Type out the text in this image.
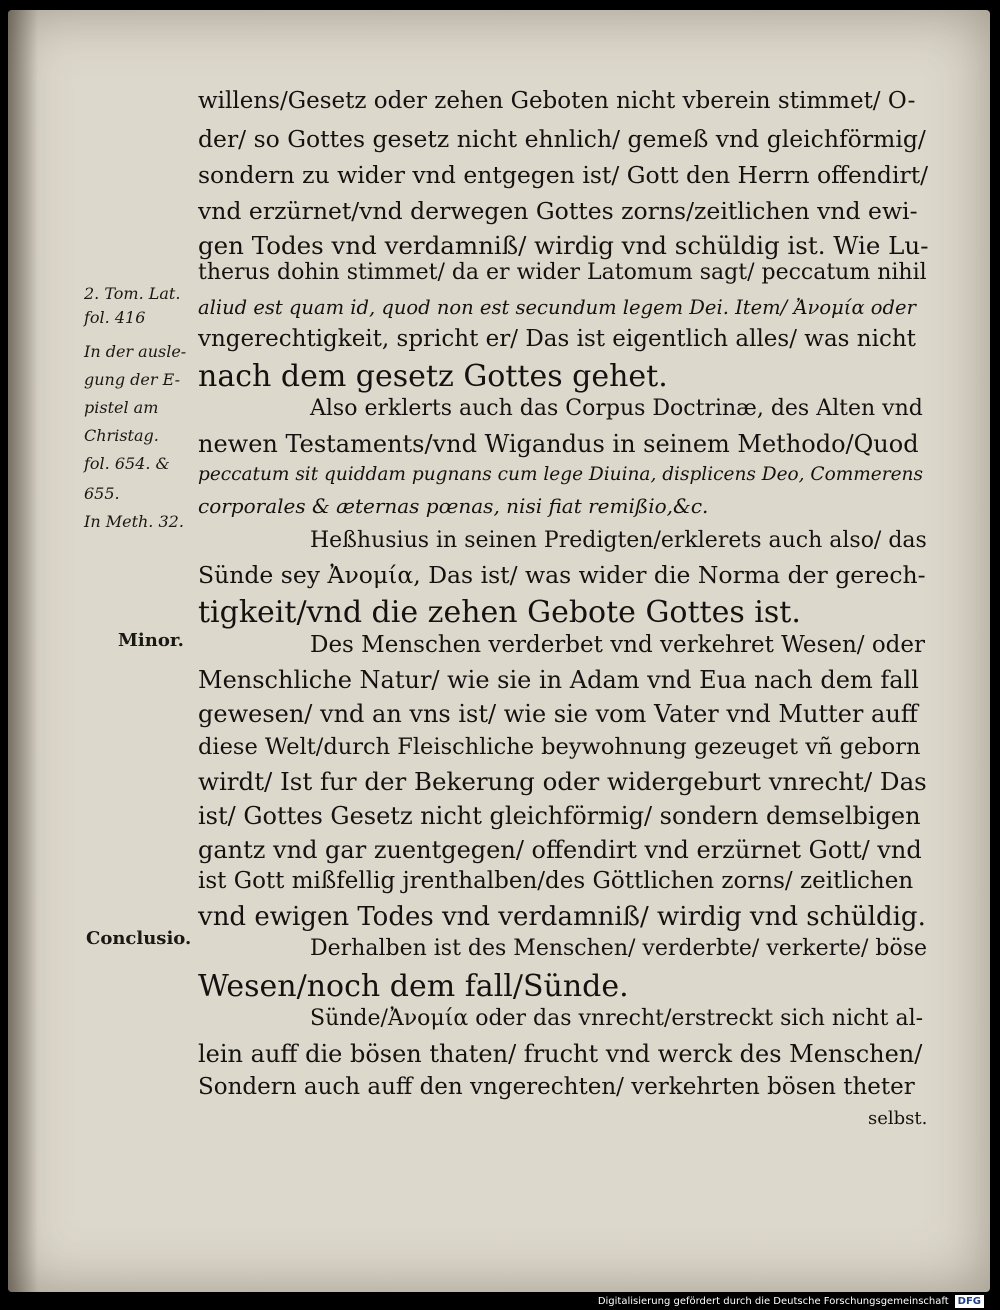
willens/Gesetz oder zehen Geboten nicht vberein stimmet/ O-
der/ so Gottes gesetz nicht ehnlich/ gemeß vnd gleichförmig/
sondern zu wider vnd entgegen ist/ Gott den Herrn offendirt/
vnd erzürnet/vnd derwegen Gottes zorns/zeitlichen vnd ewi-
gen Todes vnd verdamniß/ wirdig vnd schüldig ist. Wie Lu-
therus dohin stimmet/ da er wider Latomum sagt/ peccatum nihil
aliud est quam id, quod non est secundum legem Dei. Item/ Ἀνομία oder
vngerechtigkeit, spricht er/ Das ist eigentlich alles/ was nicht
nach dem gesetz Gottes gehet.
Also erklerts auch das Corpus Doctrinæ, des Alten vnd
newen Testaments/vnd Wigandus in seinem Methodo/Quod
peccatum sit quiddam pugnans cum lege Diuina, displicens Deo, Commerens
corporales & æternas pœnas, nisi fiat remißio,&c.
Heßhusius in seinen Predigten/erklerets auch also/ das
Sünde sey Ἀνομία, Das ist/ was wider die Norma der gerech-
tigkeit/vnd die zehen Gebote Gottes ist.
Des Menschen verderbet vnd verkehret Wesen/ oder
Menschliche Natur/ wie sie in Adam vnd Eua nach dem fall
gewesen/ vnd an vns ist/ wie sie vom Vater vnd Mutter auff
diese Welt/durch Fleischliche beywohnung gezeuget vñ geborn
wirdt/ Ist fur der Bekerung oder widergeburt vnrecht/ Das
ist/ Gottes Gesetz nicht gleichförmig/ sondern demselbigen
gantz vnd gar zuentgegen/ offendirt vnd erzürnet Gott/ vnd
ist Gott mißfellig jrenthalben/des Göttlichen zorns/ zeitlichen
vnd ewigen Todes vnd verdamniß/ wirdig vnd schüldig.
Derhalben ist des Menschen/ verderbte/ verkerte/ böse
Wesen/noch dem fall/Sünde.
Sünde/Ἀνομία oder das vnrecht/erstreckt sich nicht al-
lein auff die bösen thaten/ frucht vnd werck des Menschen/
Sondern auch auff den vngerechten/ verkehrten bösen theter
selbst.
2. Tom. Lat.
fol. 416
In der ausle-
gung der E-
pistel am
Christag.
fol. 654. &
655.
In Meth. 32.
Minor.
Conclusio.
Digitalisierung gefördert durch die Deutsche Forschungsgemeinschaft DFG
